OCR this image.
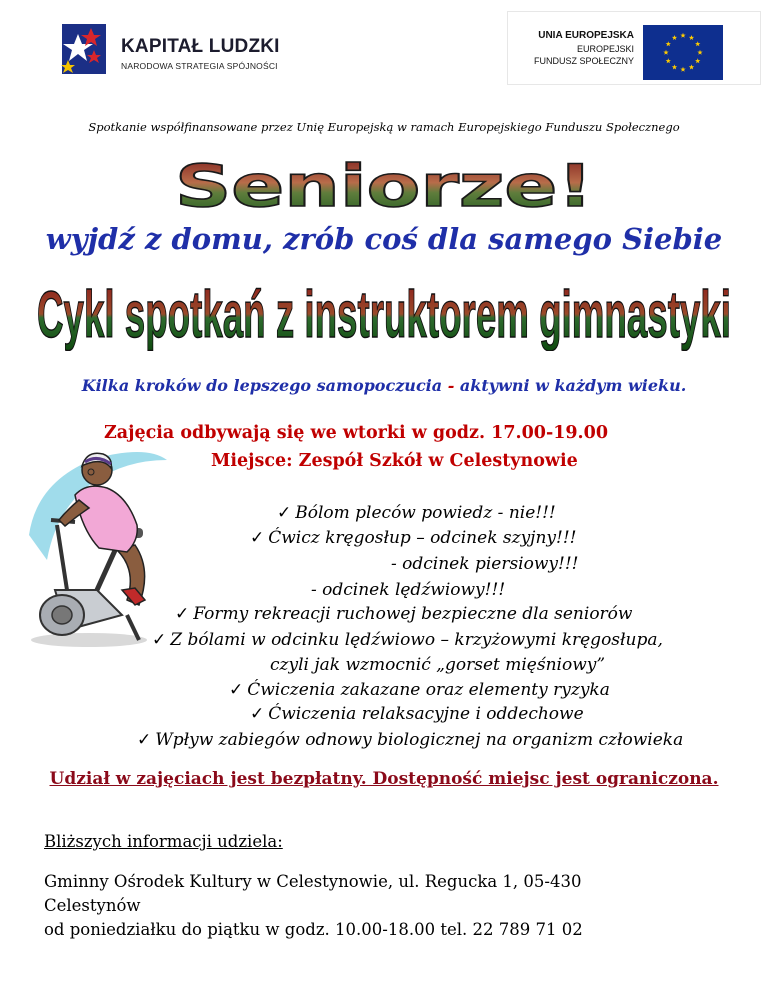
KAPITAŁ LUDZKI
NARODOWA STRATEGIA SPÓJNOŚCI
UNIA EUROPEJSKA
EUROPEJSKI
FUNDUSZ SPOŁECZNY
Spotkanie współfinansowane przez Unię Europejską w ramach Europejskiego Funduszu Społecznego
Seniorze!
wyjdź z domu, zrób coś dla samego Siebie
Cykl spotkań z instruktorem gimnastyki
Kilka kroków do lepszego samopoczucia - aktywni w każdym wieku.
Zajęcia odbywają się we wtorki w godz. 17.00-19.00
Miejsce: Zespół Szkół w Celestynowie
✓ Bólom pleców powiedz - nie!!!
✓ Ćwicz kręgosłup – odcinek szyjny!!!
- odcinek piersiowy!!!
- odcinek lędźwiowy!!!
✓ Formy rekreacji ruchowej bezpieczne dla seniorów
✓ Z bólami w odcinku lędźwiowo – krzyżowymi kręgosłupa,
czyli jak wzmocnić „gorset mięśniowy”
✓ Ćwiczenia zakazane oraz elementy ryzyka
✓ Ćwiczenia relaksacyjne i oddechowe
✓ Wpływ zabiegów odnowy biologicznej na organizm człowieka
Udział w zajęciach jest bezpłatny. Dostępność miejsc jest ograniczona.
Bliższych informacji udziela:
Gminny Ośrodek Kultury w Celestynowie, ul. Regucka 1, 05-430
Celestynów
od poniedziałku do piątku w godz. 10.00-18.00 tel. 22 789 71 02
